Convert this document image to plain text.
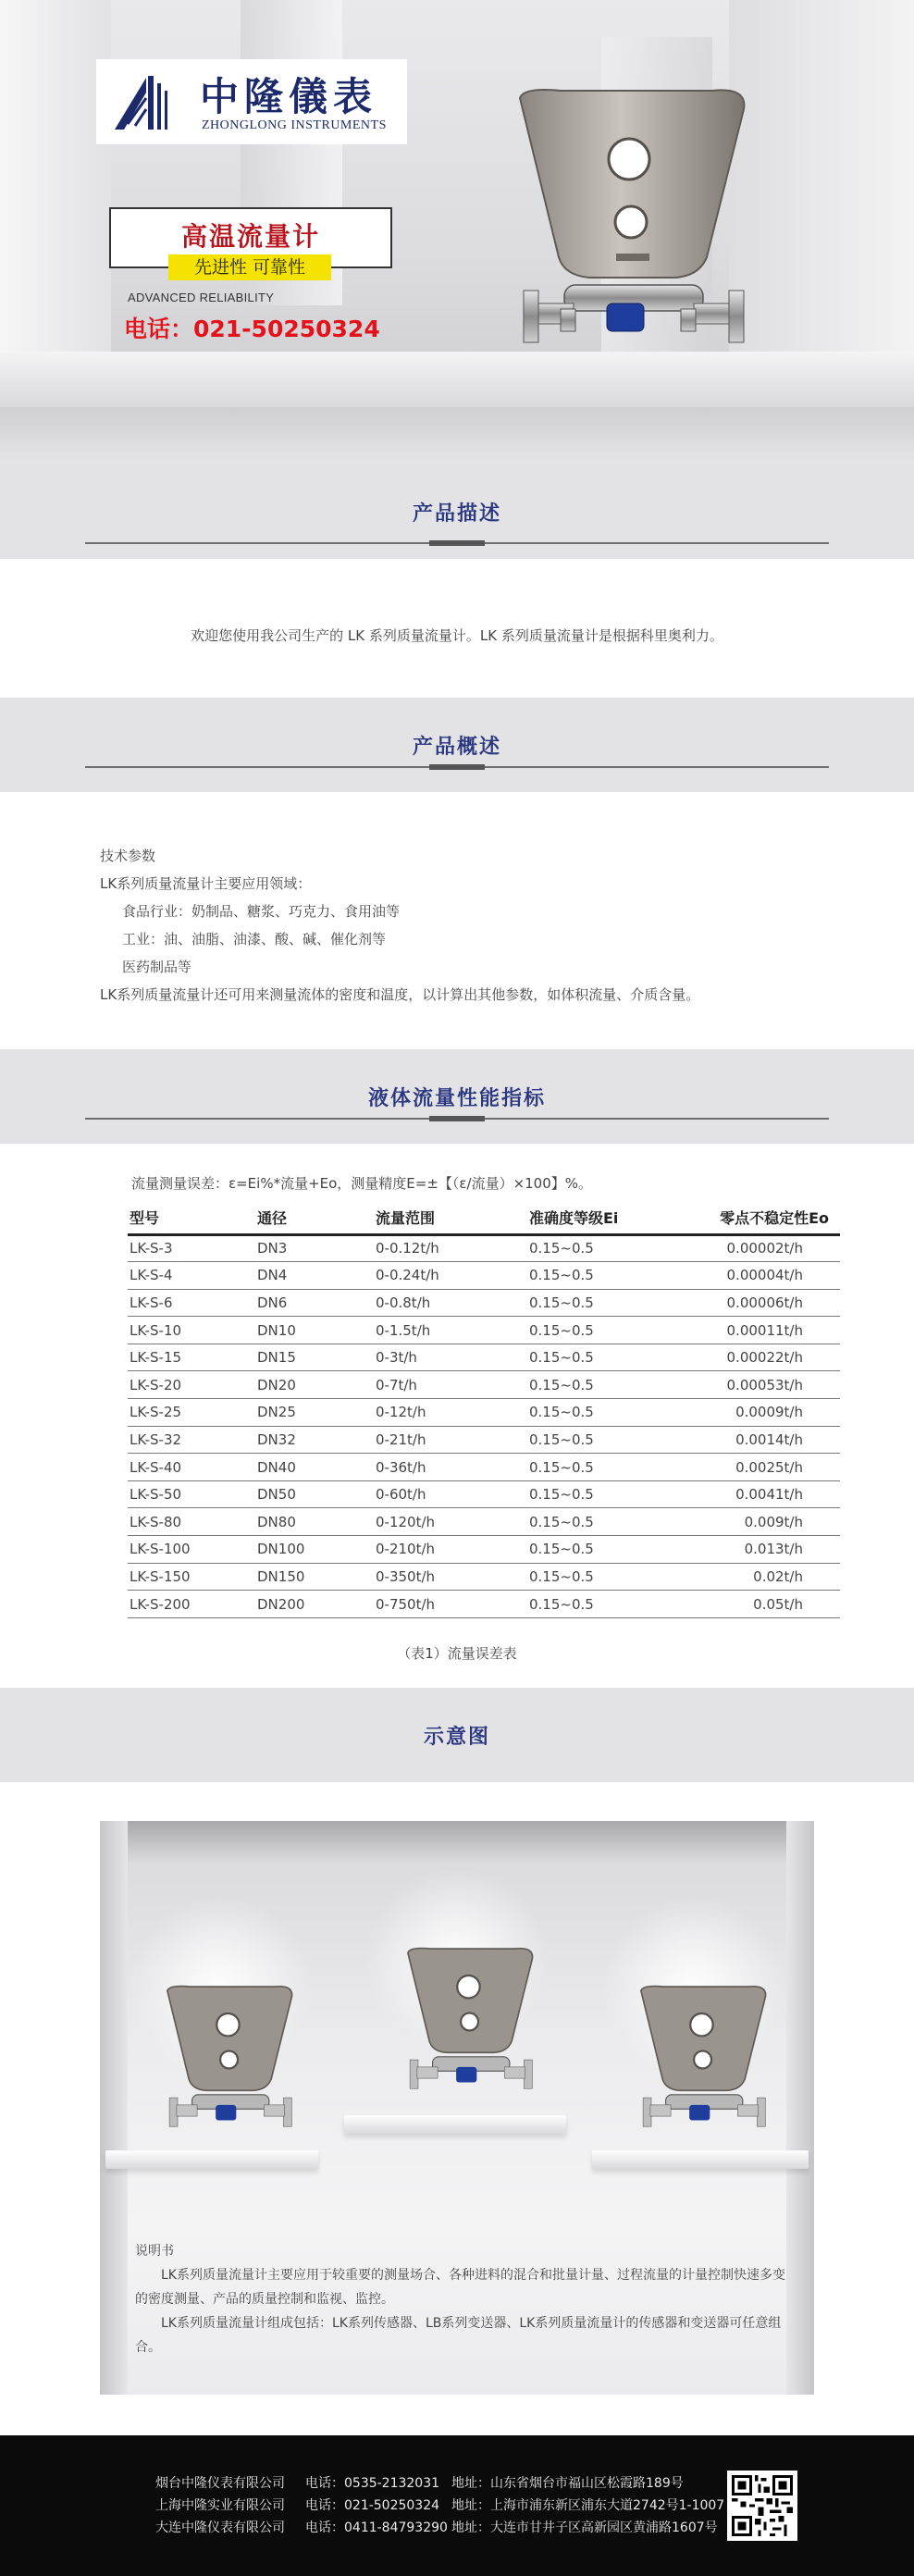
中隆儀表
ZHONGLONG INSTRUMENTS
高温流量计
先进性 可靠性
ADVANCED RELIABILITY
电话：021-50250324
产品描述
欢迎您使用我公司生产的 LK 系列质量流量计。LK 系列质量流量计是根据科里奥利力。
产品概述
技术参数
LK系列质量流量计主要应用领域：
食品行业：奶制品、糖浆、巧克力、食用油等
工业：油、油脂、油漆、酸、碱、催化剂等
医药制品等
LK系列质量流量计还可用来测量流体的密度和温度，以计算出其他参数，如体积流量、介质含量。
液体流量性能指标
流量测量误差：ε=Ei%*流量+Eo，测量精度E=±【（ε/流量）×100】%。
型号	通径	流量范围	准确度等级Ei	零点不稳定性Eo
LK-S-3	DN3	0-0.12t/h	0.15~0.5	0.00002t/h
LK-S-4	DN4	0-0.24t/h	0.15~0.5	0.00004t/h
LK-S-6	DN6	0-0.8t/h	0.15~0.5	0.00006t/h
LK-S-10	DN10	0-1.5t/h	0.15~0.5	0.00011t/h
LK-S-15	DN15	0-3t/h	0.15~0.5	0.00022t/h
LK-S-20	DN20	0-7t/h	0.15~0.5	0.00053t/h
LK-S-25	DN25	0-12t/h	0.15~0.5	0.0009t/h
LK-S-32	DN32	0-21t/h	0.15~0.5	0.0014t/h
LK-S-40	DN40	0-36t/h	0.15~0.5	0.0025t/h
LK-S-50	DN50	0-60t/h	0.15~0.5	0.0041t/h
LK-S-80	DN80	0-120t/h	0.15~0.5	0.009t/h
LK-S-100	DN100	0-210t/h	0.15~0.5	0.013t/h
LK-S-150	DN150	0-350t/h	0.15~0.5	0.02t/h
LK-S-200	DN200	0-750t/h	0.15~0.5	0.05t/h
（表1）流量误差表
示意图
说明书
LK系列质量流量计主要应用于较重要的测量场合、各种进料的混合和批量计量、过程流量的计量控制快速多变的密度测量、产品的质量控制和监视、监控。
LK系列质量流量计组成包括：LK系列传感器、LB系列变送器、LK系列质量流量计的传感器和变送器可任意组合。
烟台中隆仪表有限公司 电话：0535-2132031 地址：山东省烟台市福山区松霞路189号
上海中隆实业有限公司 电话：021-50250324 地址：上海市浦东新区浦东大道2742号1-1007
大连中隆仪表有限公司 电话：0411-84793290 地址：大连市甘井子区高新园区黄浦路1607号
